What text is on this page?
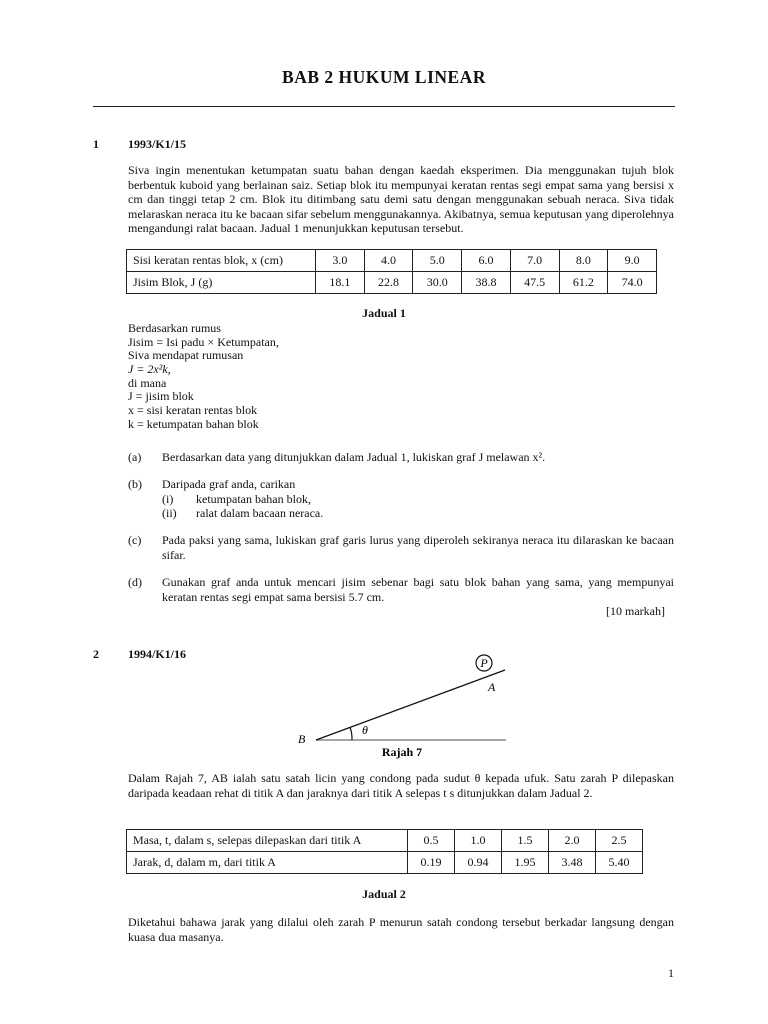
BAB 2 HUKUM LINEAR
1 1993/K1/15
Siva ingin menentukan ketumpatan suatu bahan dengan kaedah eksperimen. Dia menggunakan tujuh blok berbentuk kuboid yang berlainan saiz. Setiap blok itu mempunyai keratan rentas segi empat sama yang bersisi x cm dan tinggi tetap 2 cm. Blok itu ditimbang satu demi satu dengan menggunakan sebuah neraca. Siva tidak melaraskan neraca itu ke bacaan sifar sebelum menggunakannya. Akibatnya, semua keputusan yang diperolehnya mengandungi ralat bacaan. Jadual 1 menunjukkan keputusan tersebut.
Sisi keratan rentas blok, x (cm)	3.0	4.0	5.0	6.0	7.0	8.0	9.0
Jisim Blok, J (g)	18.1	22.8	30.0	38.8	47.5	61.2	74.0
Jadual 1
Berdasarkan rumus
Jisim = Isi padu × Ketumpatan,
Siva mendapat rumusan
J = 2x²k,
di mana
J = jisim blok
x = sisi keratan rentas blok
k = ketumpatan bahan blok
(a) Berdasarkan data yang ditunjukkan dalam Jadual 1, lukiskan graf J melawan x².
(b) Daripada graf anda, carikan
(i) ketumpatan bahan blok,
(ii) ralat dalam bacaan neraca.
(c) Pada paksi yang sama, lukiskan graf garis lurus yang diperoleh sekiranya neraca itu dilaraskan ke bacaan sifar.
(d) Gunakan graf anda untuk mencari jisim sebenar bagi satu blok bahan yang sama, yang mempunyai keratan rentas segi empat sama bersisi 5.7 cm.
[10 markah]
2 1994/K1/16
P
A
B
θ
Rajah 7
Dalam Rajah 7, AB ialah satu satah licin yang condong pada sudut θ kepada ufuk. Satu zarah P dilepaskan daripada keadaan rehat di titik A dan jaraknya dari titik A selepas t s ditunjukkan dalam Jadual 2.
Masa, t, dalam s, selepas dilepaskan dari titik A	0.5	1.0	1.5	2.0	2.5
Jarak, d, dalam m, dari titik A	0.19	0.94	1.95	3.48	5.40
Jadual 2
Diketahui bahawa jarak yang dilalui oleh zarah P menurun satah condong tersebut berkadar langsung dengan kuasa dua masanya.
1
